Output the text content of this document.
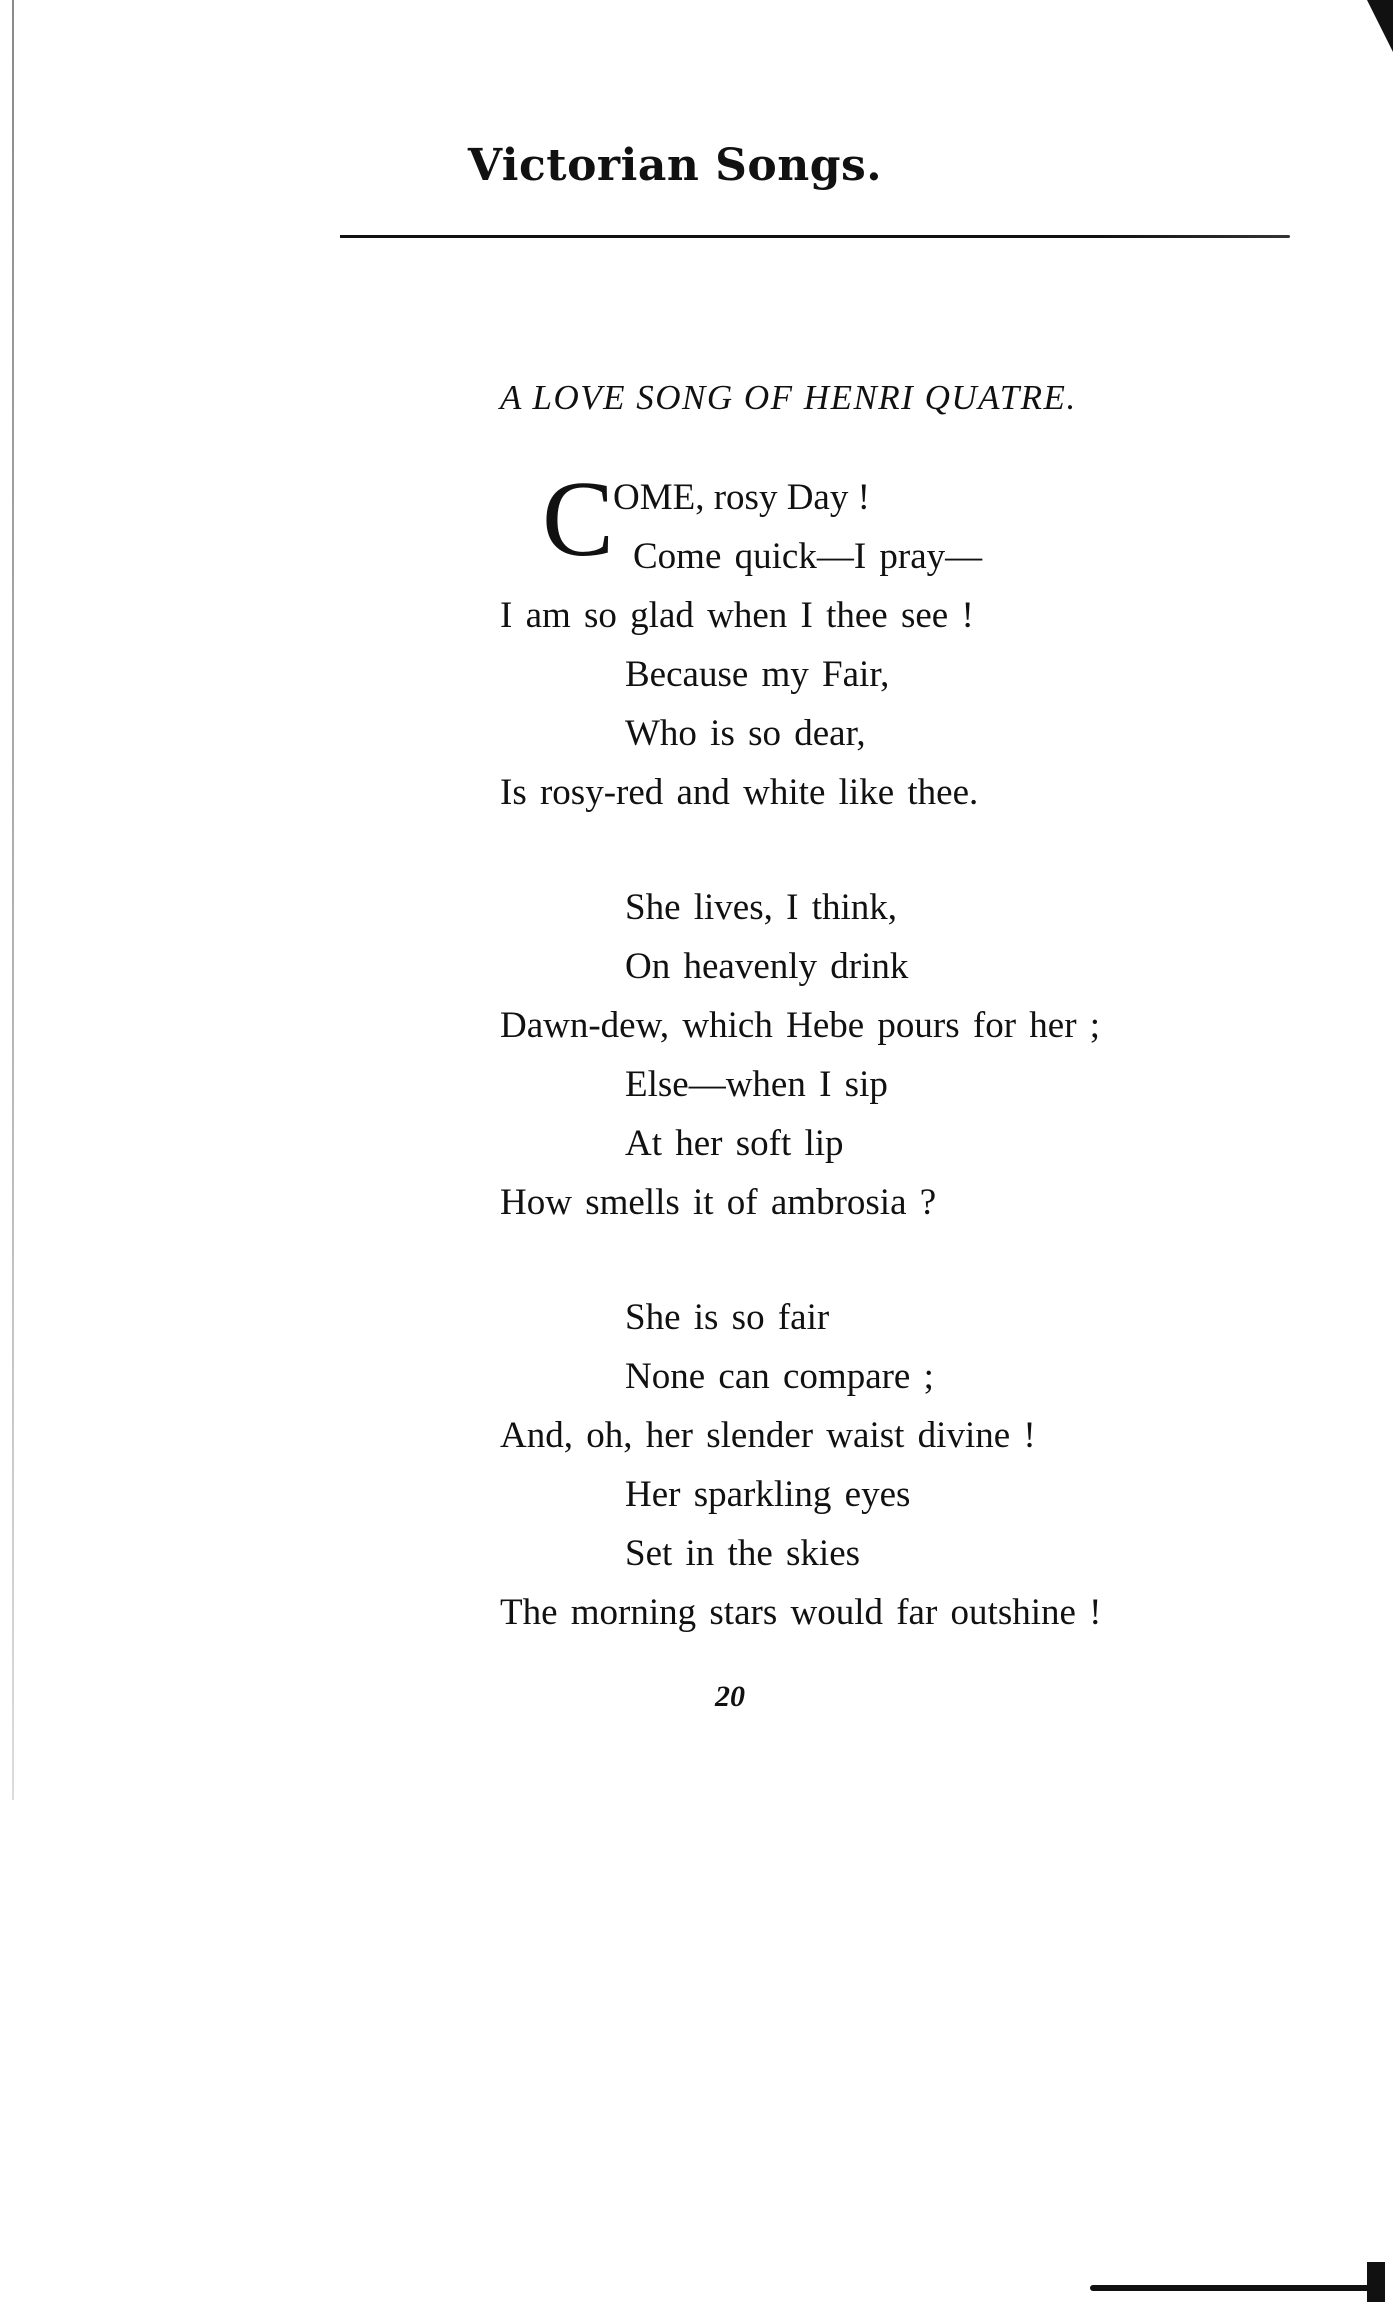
Victorian Songs.
A LOVE SONG OF HENRI QUATRE.
C
OME, rosy Day !
Come quick—I pray—
I am so glad when I thee see !
Because my Fair,
Who is so dear,
Is rosy-red and white like thee.
She lives, I think,
On heavenly drink
Dawn-dew, which Hebe pours for her ;
Else—when I sip
At her soft lip
How smells it of ambrosia ?
She is so fair
None can compare ;
And, oh, her slender waist divine !
Her sparkling eyes
Set in the skies
The morning stars would far outshine !
20
